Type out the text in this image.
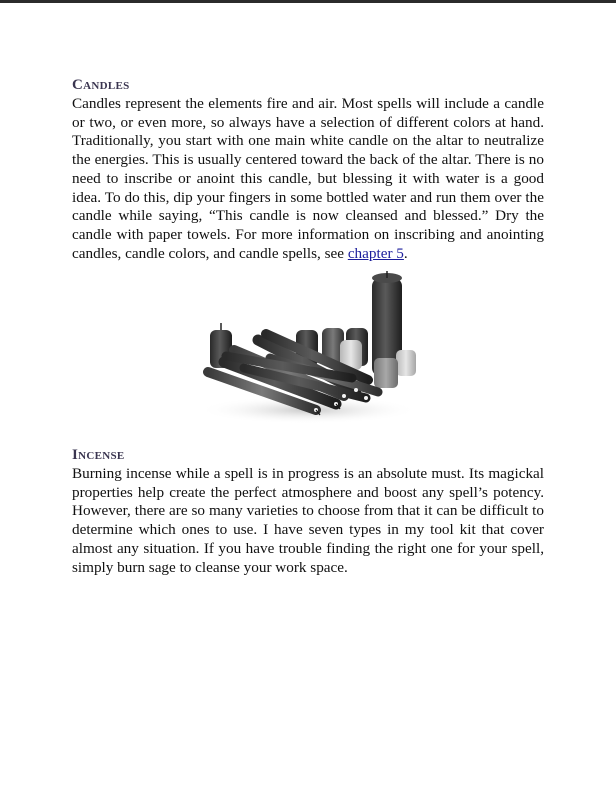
Candles

Candles represent the elements fire and air. Most spells will include a candle or two, or even more, so always have a selection of different colors at hand. Traditionally, you start with one main white candle on the altar to neutralize the energies. This is usually centered toward the back of the altar. There is no need to inscribe or anoint this candle, but blessing it with water is a good idea. To do this, dip your fingers in some bottled water and run them over the candle while saying, “This candle is now cleansed and blessed.” Dry the candle with paper towels. For more information on inscribing and anointing candles, candle colors, and candle spells, see chapter 5.

Incense

Burning incense while a spell is in progress is an absolute must. Its magickal properties help create the perfect atmosphere and boost any spell’s potency. However, there are so many varieties to choose from that it can be difficult to determine which ones to use. I have seven types in my tool kit that cover almost any situation. If you have trouble finding the right one for your spell, simply burn sage to cleanse your work space.
